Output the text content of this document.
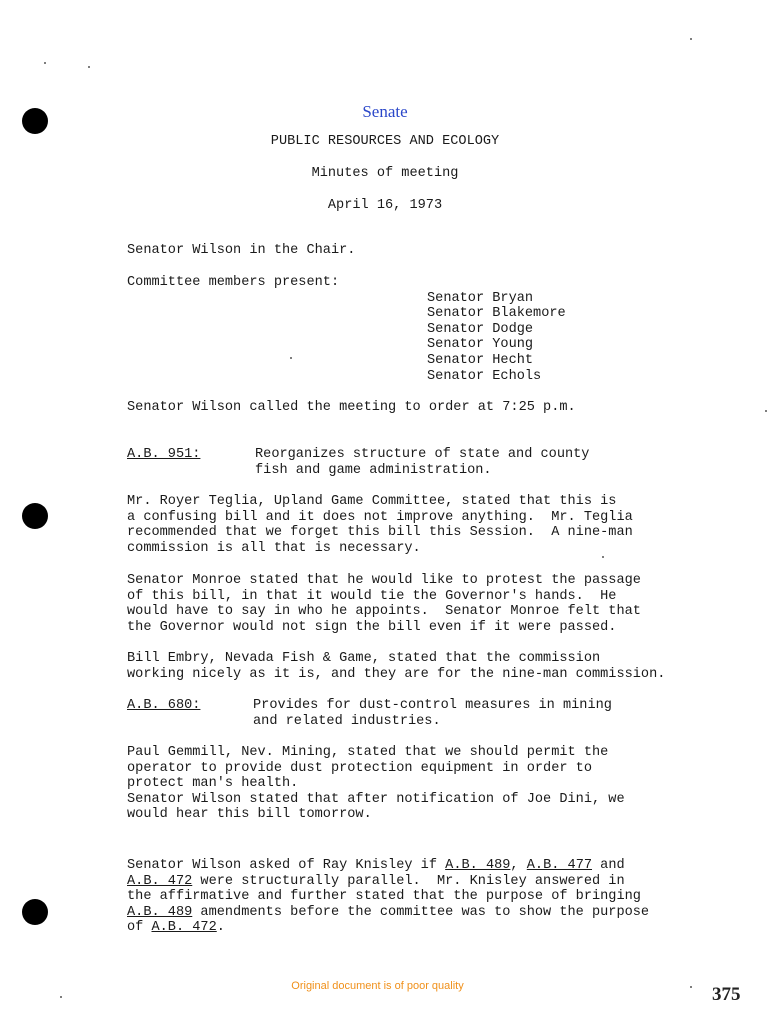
Senate
PUBLIC RESOURCES AND ECOLOGY
Minutes of meeting
April 16, 1973
Senator Wilson in the Chair.
Committee members present:

Senator Bryan
Senator Blakemore
Senator Dodge
Senator Young
Senator Hecht
Senator Echols
Senator Wilson called the meeting to order at 7:25 p.m.
A.B. 951:	Reorganizes structure of state and county
fish and game administration.
Mr. Royer Teglia, Upland Game Committee, stated that this is
a confusing bill and it does not improve anything.  Mr. Teglia
recommended that we forget this bill this Session.  A nine-man
commission is all that is necessary.
Senator Monroe stated that he would like to protest the passage
of this bill, in that it would tie the Governor's hands.  He
would have to say in who he appoints.  Senator Monroe felt that
the Governor would not sign the bill even if it were passed.
Bill Embry, Nevada Fish & Game, stated that the commission
working nicely as it is, and they are for the nine-man commission.
A.B. 680:	Provides for dust-control measures in mining
and related industries.
Paul Gemmill, Nev. Mining, stated that we should permit the
operator to provide dust protection equipment in order to
protect man's health.
Senator Wilson stated that after notification of Joe Dini, we
would hear this bill tomorrow.
Senator Wilson asked of Ray Knisley if A.B. 489, A.B. 477 and
A.B. 472 were structurally parallel.  Mr. Knisley answered in
the affirmative and further stated that the purpose of bringing
A.B. 489 amendments before the committee was to show the purpose
of A.B. 472.
Original document is of poor quality	375
